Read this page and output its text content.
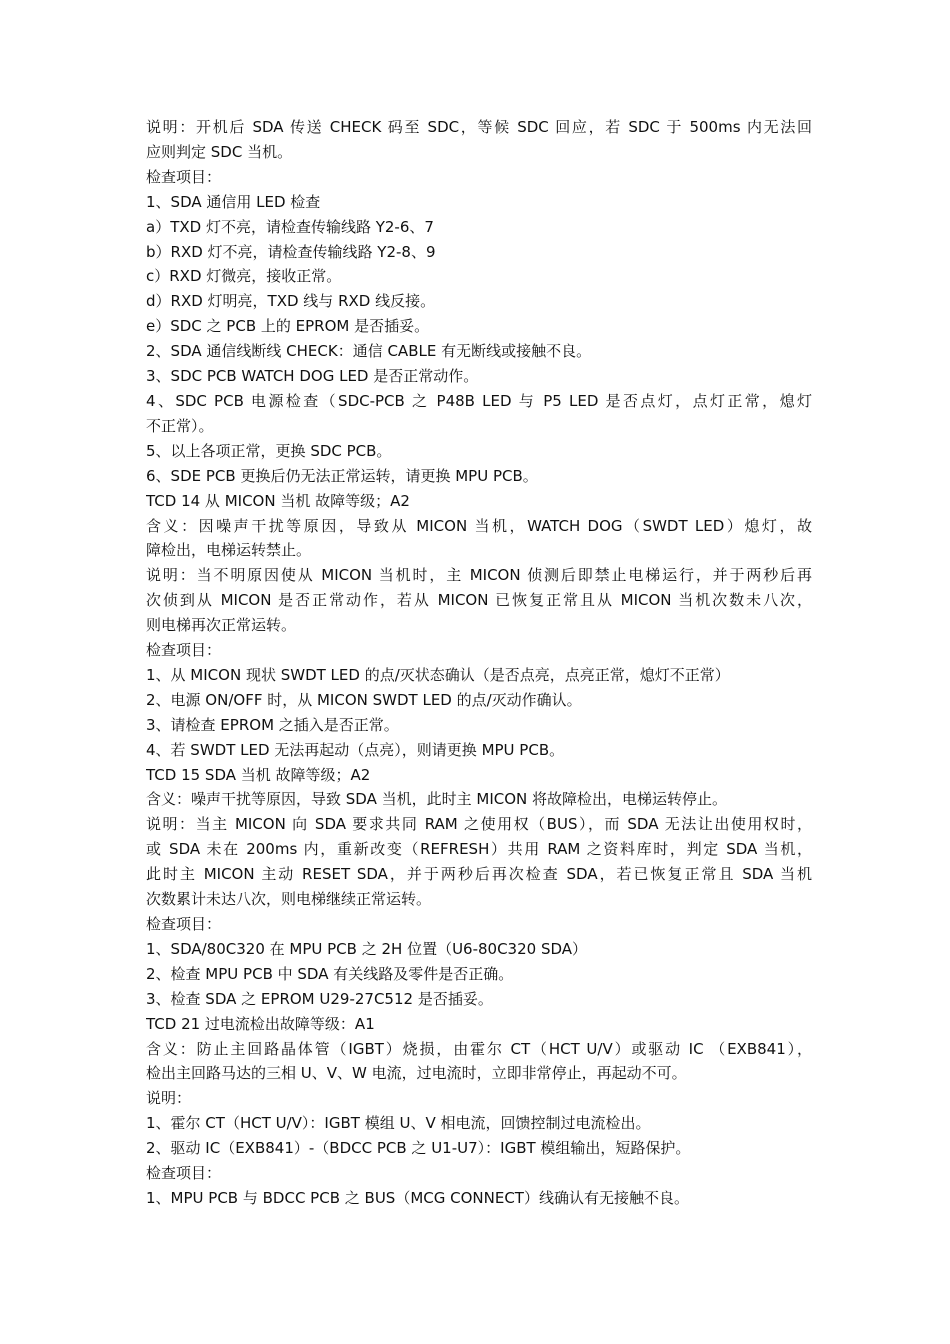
说明：开机后 SDA 传送 CHECK 码至 SDC，等候 SDC 回应，若 SDC 于 500ms 内无法回
应则判定 SDC 当机。
检查项目：
1、SDA 通信用 LED 检查
a）TXD 灯不亮，请检查传输线路 Y2-6、7
b）RXD 灯不亮，请检查传输线路 Y2-8、9
c）RXD 灯微亮，接收正常。
d）RXD 灯明亮，TXD 线与 RXD 线反接。
e）SDC 之 PCB 上的 EPROM 是否插妥。
2、SDA 通信线断线 CHECK：通信 CABLE 有无断线或接触不良。
3、SDC PCB WATCH DOG LED 是否正常动作。
4、SDC PCB 电源检查（SDC-PCB 之 P48B LED 与 P5 LED 是否点灯，点灯正常，熄灯
不正常）。
5、以上各项正常，更换 SDC PCB。
6、SDE PCB 更换后仍无法正常运转，请更换 MPU PCB。
TCD 14 从 MICON 当机 故障等级；A2
含义：因噪声干扰等原因，导致从 MICON 当机，WATCH DOG（SWDT LED）熄灯，故
障检出，电梯运转禁止。
说明：当不明原因使从 MICON 当机时，主 MICON 侦测后即禁止电梯运行，并于两秒后再
次侦到从 MICON 是否正常动作，若从 MICON 已恢复正常且从 MICON 当机次数未八次，
则电梯再次正常运转。
检查项目：
1、从 MICON 现状 SWDT LED 的点/灭状态确认（是否点亮，点亮正常，熄灯不正常）
2、电源 ON/OFF 时，从 MICON SWDT LED 的点/灭动作确认。
3、请检查 EPROM 之插入是否正常。
4、若 SWDT LED 无法再起动（点亮），则请更换 MPU PCB。
TCD 15 SDA 当机 故障等级；A2
含义：噪声干扰等原因，导致 SDA 当机，此时主 MICON 将故障检出，电梯运转停止。
说明：当主 MICON 向 SDA 要求共同 RAM 之使用权（BUS），而 SDA 无法让出使用权时，
或 SDA 未在 200ms 内，重新改变（REFRESH）共用 RAM 之资料库时，判定 SDA 当机，
此时主 MICON 主动 RESET SDA，并于两秒后再次检查 SDA，若已恢复正常且 SDA 当机
次数累计未达八次，则电梯继续正常运转。
检查项目：
1、SDA/80C320 在 MPU PCB 之 2H 位置（U6-80C320 SDA）
2、检查 MPU PCB 中 SDA 有关线路及零件是否正确。
3、检查 SDA 之 EPROM U29-27C512 是否插妥。
TCD 21 过电流检出故障等级：A1
含义：防止主回路晶体管（IGBT）烧损，由霍尔 CT（HCT U/V）或驱动 IC （EXB841），
检出主回路马达的三相 U、V、W 电流，过电流时，立即非常停止，再起动不可。
说明：
1、霍尔 CT（HCT U/V）：IGBT 模组 U、V 相电流，回馈控制过电流检出。
2、驱动 IC（EXB841）-（BDCC PCB 之 U1-U7）：IGBT 模组输出，短路保护。
检查项目：
1、MPU PCB 与 BDCC PCB 之 BUS（MCG CONNECT）线确认有无接触不良。
